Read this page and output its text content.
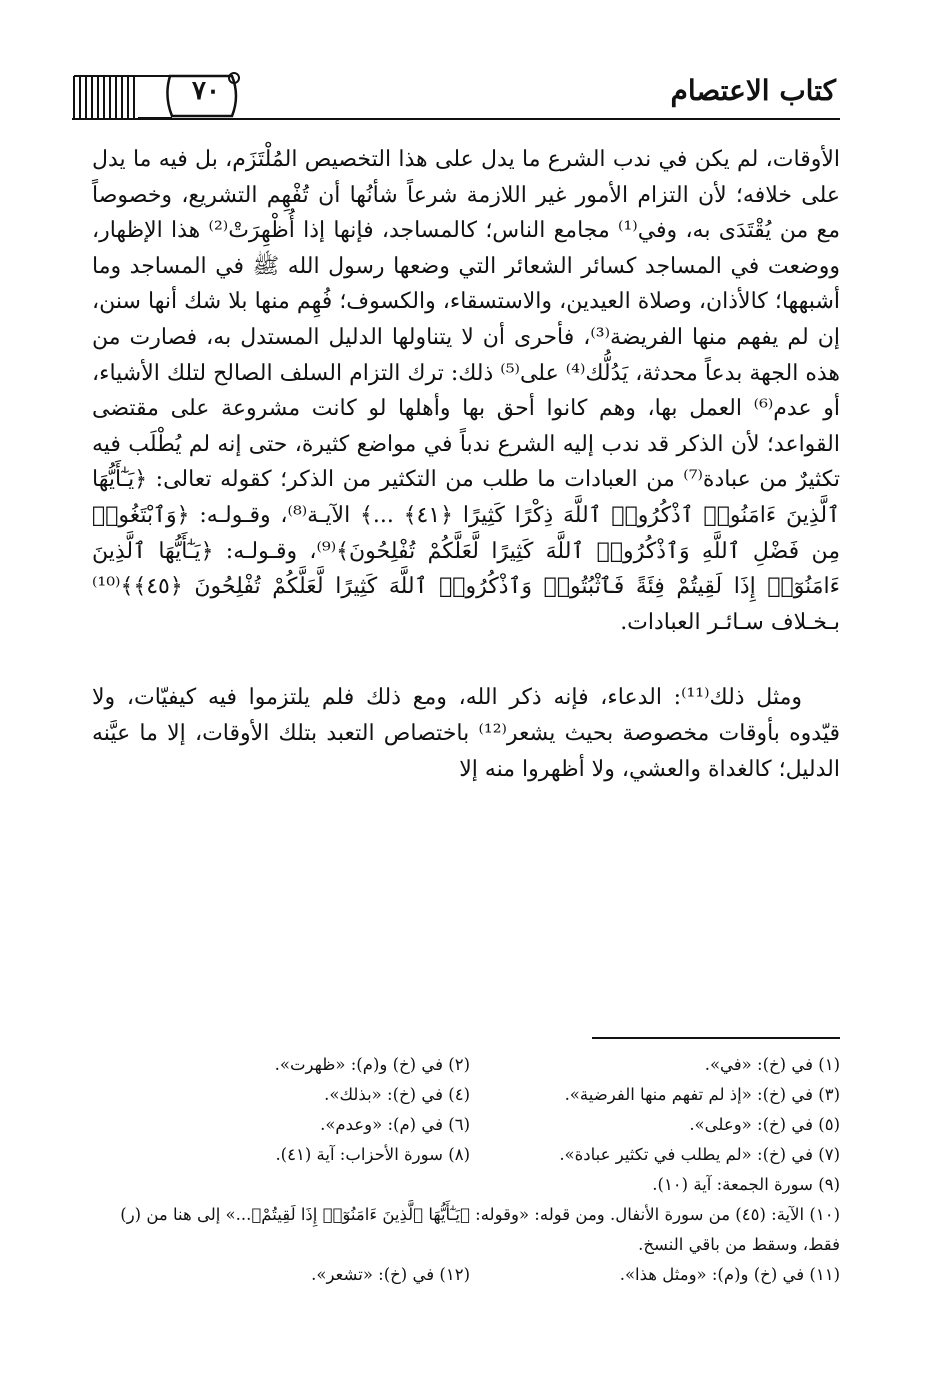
كتاب الاعتصام
٧٠

الأوقات، لم يكن في ندب الشرع ما يدل على هذا التخصيص المُلْتَزَم، بل فيه ما يدل على خلافه؛ لأن التزام الأمور غير اللازمة شرعاً شأنُها أن تُفْهِم التشريع، وخصوصاً مع من يُقْتَدَى به، وفي⁽¹⁾ مجامع الناس؛ كالمساجد، فإنها إذا أُظْهِرَتْ⁽²⁾ هذا الإظهار، ووضعت في المساجد كسائر الشعائر التي وضعها رسول الله ﷺ في المساجد وما أشبهها؛ كالأذان، وصلاة العيدين، والاستسقاء، والكسوف؛ فُهِم منها بلا شك أنها سنن، إن لم يفهم منها الفريضة⁽³⁾، فأحرى أن لا يتناولها الدليل المستدل به، فصارت من هذه الجهة بدعاً محدثة، يَدُلُّك⁽⁴⁾ على⁽⁵⁾ ذلك: ترك التزام السلف الصالح لتلك الأشياء، أو عدم⁽⁶⁾ العمل بها، وهم كانوا أحق بها وأهلها لو كانت مشروعة على مقتضى القواعد؛ لأن الذكر قد ندب إليه الشرع ندباً في مواضع كثيرة، حتى إنه لم يُطْلَب فيه تكثيرٌ من عبادة⁽⁷⁾ من العبادات ما طلب من التكثير من الذكر؛ كقوله تعالى: ﴿يَـٰٓأَيُّهَا ٱلَّذِينَ ءَامَنُوا۟ ٱذْكُرُوا۟ ٱللَّهَ ذِكْرًا كَثِيرًا ﴿٤١﴾ ...﴾ الآيـة⁽⁸⁾، وقـولـه: ﴿وَٱبْتَغُوا۟ مِن فَضْلِ ٱللَّهِ وَٱذْكُرُوا۟ ٱللَّهَ كَثِيرًا لَّعَلَّكُمْ تُفْلِحُونَ﴾⁽⁹⁾، وقـولـه: ﴿يَـٰٓأَيُّهَا ٱلَّذِينَ ءَامَنُوٓا۟ إِذَا لَقِيتُمْ فِئَةً فَٱثْبُتُوا۟ وَٱذْكُرُوا۟ ٱللَّهَ كَثِيرًا لَّعَلَّكُمْ تُفْلِحُونَ ﴿٤٥﴾﴾⁽¹⁰⁾ بـخـلاف سـائـر العبادات.

ومثل ذلك⁽¹¹⁾: الدعاء، فإنه ذكر الله، ومع ذلك فلم يلتزموا فيه كيفيّات، ولا قيّدوه بأوقات مخصوصة بحيث يشعر⁽¹²⁾ باختصاص التعبد بتلك الأوقات، إلا ما عيَّنه الدليل؛ كالغداة والعشي، ولا أظهروا منه إلا

(١) في (خ): «في».
(٢) في (خ) و(م): «ظهرت».
(٣) في (خ): «إذ لم تفهم منها الفرضية».
(٤) في (خ): «بذلك».
(٥) في (خ): «وعلى».
(٦) في (م): «وعدم».
(٧) في (خ): «لم يطلب في تكثير عبادة».
(٨) سورة الأحزاب: آية (٤١).
(٩) سورة الجمعة: آية (١٠).
(١٠) الآية: (٤٥) من سورة الأنفال. ومن قوله: «وقوله: ﴿يَـٰٓأَيُّهَا ٱلَّذِينَ ءَامَنُوٓا۟ إِذَا لَقِيتُمْ﴾...» إلى هنا من (ر) فقط، وسقط من باقي النسخ.
(١١) في (خ) و(م): «ومثل هذا».
(١٢) في (خ): «تشعر».
